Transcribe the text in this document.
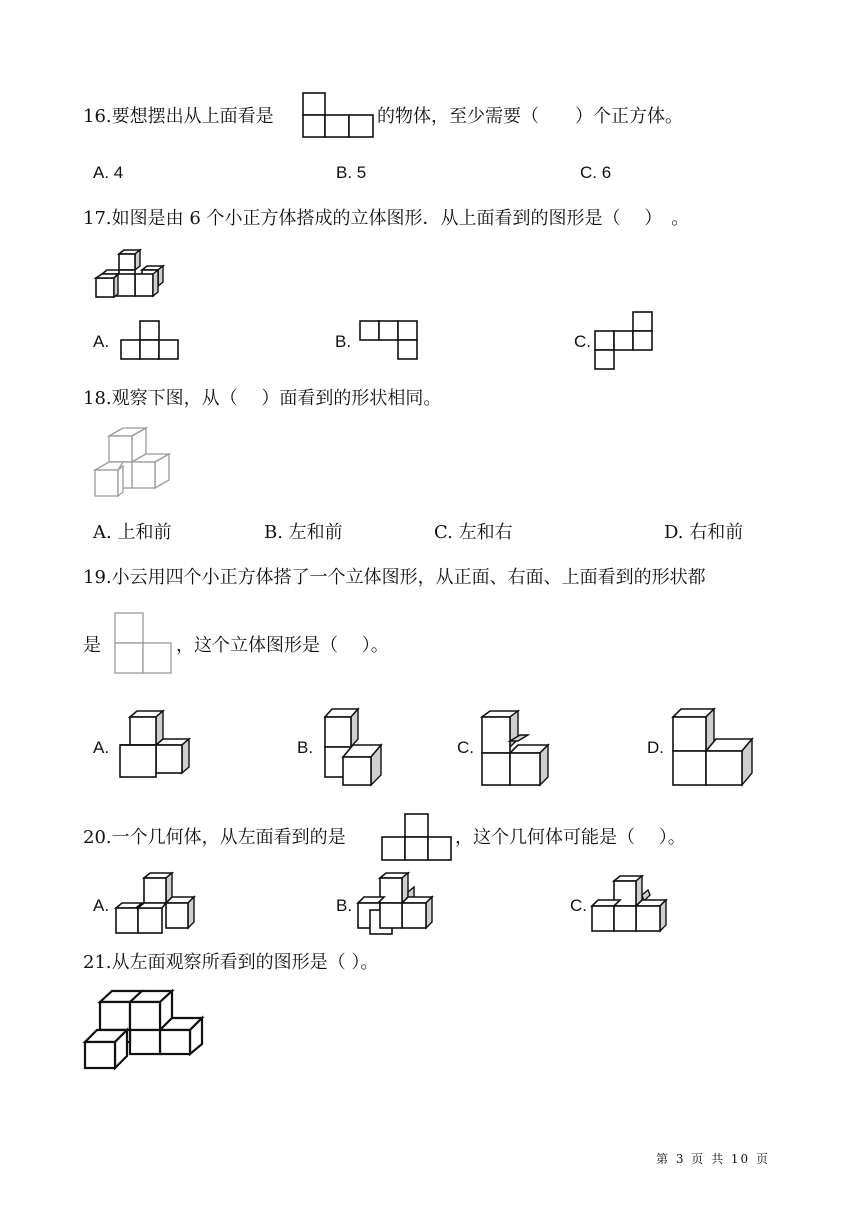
16.要想摆出从上面看是	的物体，至少需要（　　）个正方体。
A. 4	B. 5	C. 6
17.如图是由 6 个小正方体搭成的立体图形．从上面看到的图形是（　 ）　。
A.	B.	C.
18.观察下图，从（　 ）面看到的形状相同。
A. 上和前	B. 左和前	C. 左和右	D. 右和前
19.小云用四个小正方体搭了一个立体图形，从正面、右面、上面看到的形状都
是	，这个立体图形是（　 ）。
A.	B.	C.	D.
20.一个几何体，从左面看到的是	，这个几何体可能是（　 ）。
A.	B.	C.
21.从左面观察所看到的图形是（ ）。
第 3 页 共 10 页
